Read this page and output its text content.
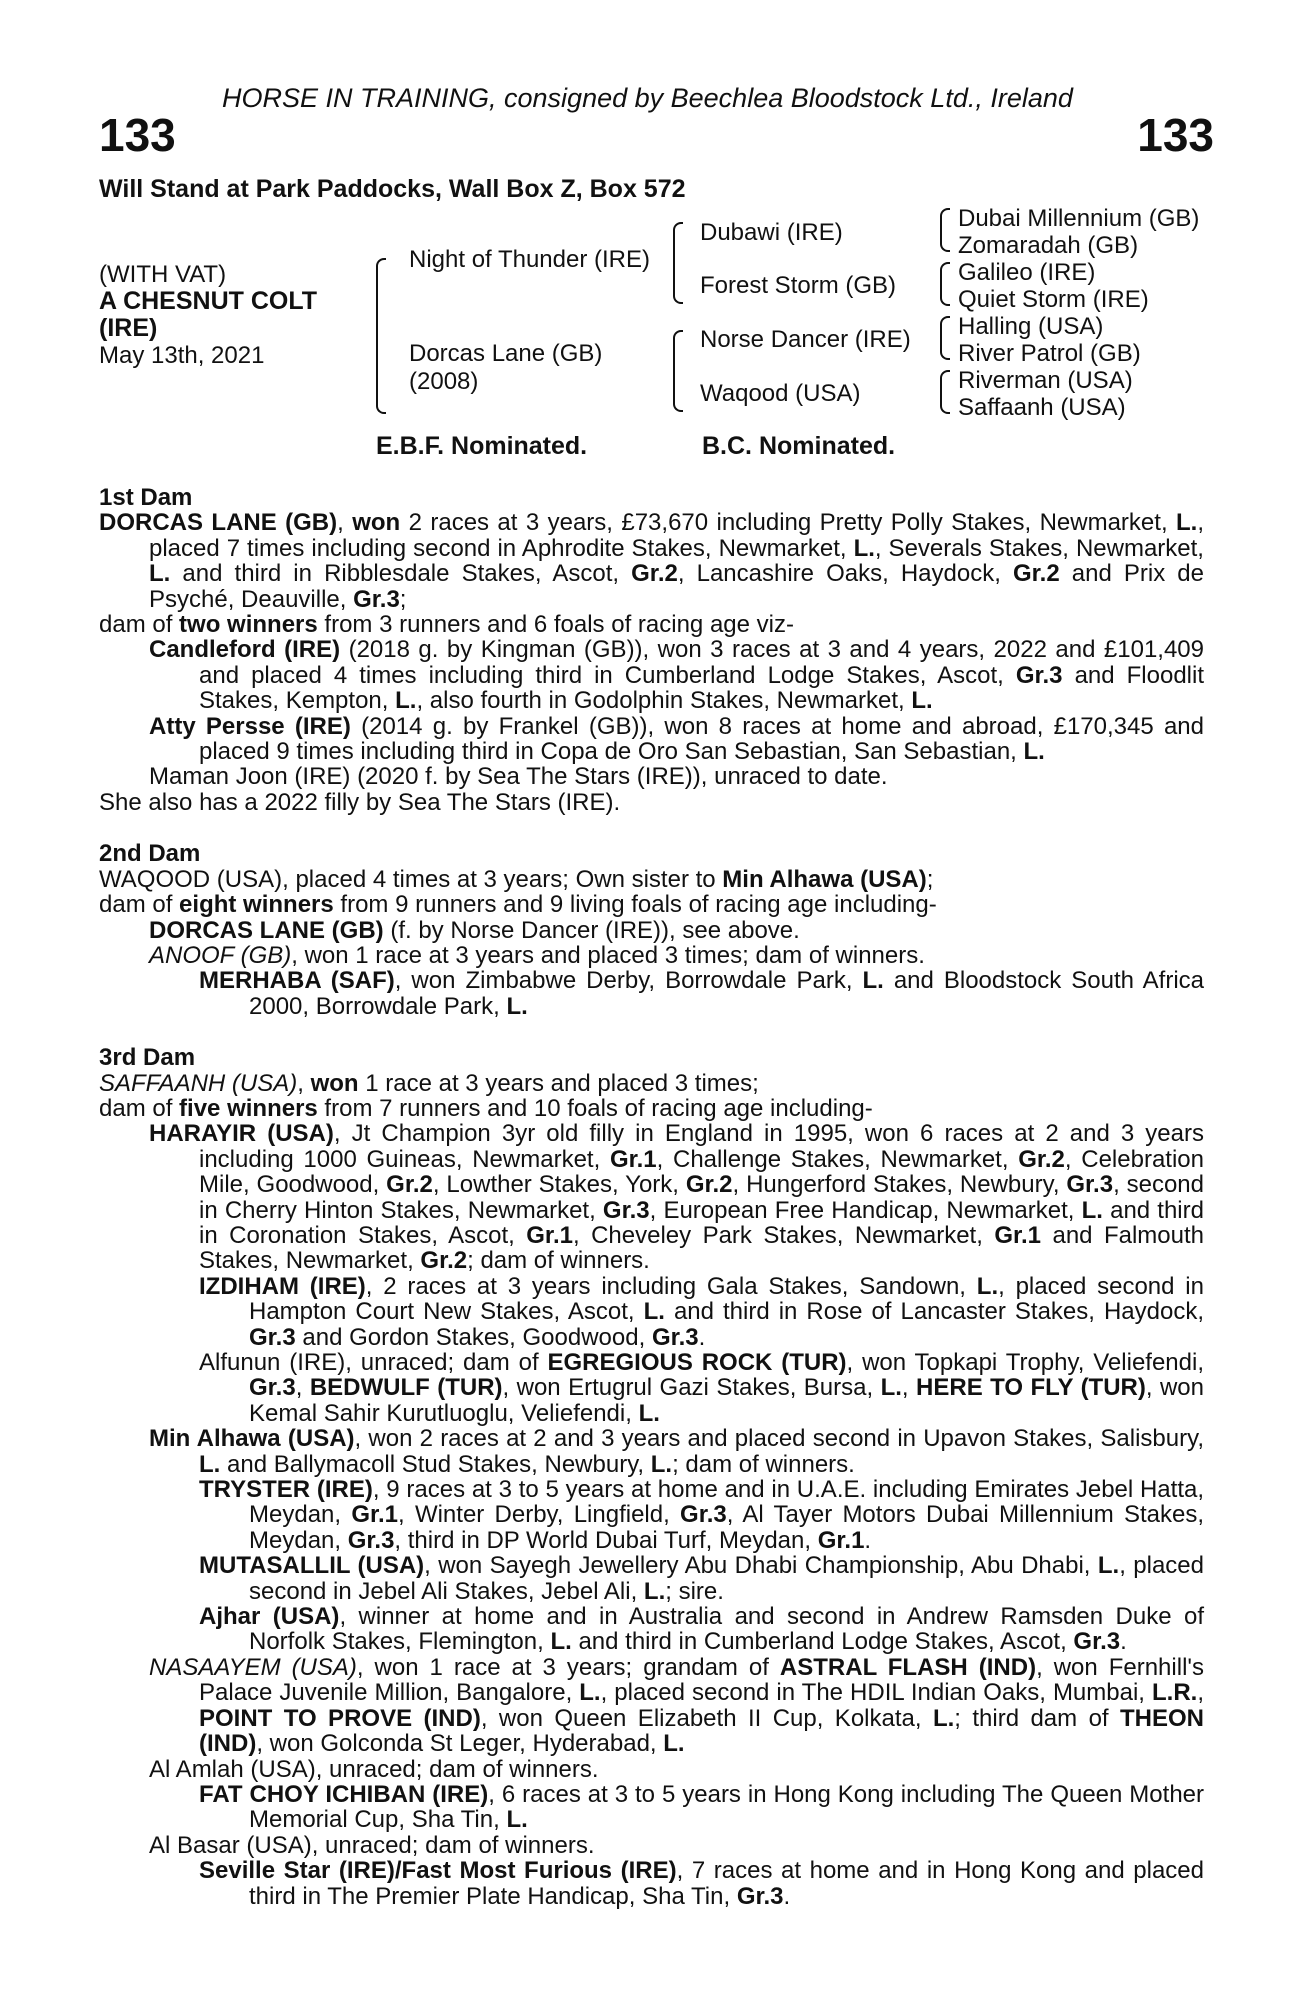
HORSE IN TRAINING, consigned by Beechlea Bloodstock Ltd., Ireland
133	133
Will Stand at Park Paddocks, Wall Box Z, Box 572
(WITH VAT)
A CHESNUT COLT
(IRE)
May 13th, 2021
Night of Thunder (IRE)
Dorcas Lane (GB)
(2008)
Dubawi (IRE)
Forest Storm (GB)
Norse Dancer (IRE)
Waqood (USA)
Dubai Millennium (GB)
Zomaradah (GB)
Galileo (IRE)
Quiet Storm (IRE)
Halling (USA)
River Patrol (GB)
Riverman (USA)
Saffaanh (USA)
E.B.F. Nominated.	B.C. Nominated.

1st Dam

DORCAS LANE (GB), won 2 races at 3 years, £73,670 including Pretty Polly Stakes, Newmarket, L., placed 7 times including second in Aphrodite Stakes, Newmarket, L., Severals Stakes, Newmarket, L. and third in Ribblesdale Stakes, Ascot, Gr.2, Lancashire Oaks, Haydock, Gr.2 and Prix de Psyché, Deauville, Gr.3;

dam of two winners from 3 runners and 6 foals of racing age viz-

Candleford (IRE) (2018 g. by Kingman (GB)), won 3 races at 3 and 4 years, 2022 and £101,409 and placed 4 times including third in Cumberland Lodge Stakes, Ascot, Gr.3 and Floodlit Stakes, Kempton, L., also fourth in Godolphin Stakes, Newmarket, L.

Atty Persse (IRE) (2014 g. by Frankel (GB)), won 8 races at home and abroad, £170,345 and placed 9 times including third in Copa de Oro San Sebastian, San Sebastian, L.

Maman Joon (IRE) (2020 f. by Sea The Stars (IRE)), unraced to date.

She also has a 2022 filly by Sea The Stars (IRE).

2nd Dam

WAQOOD (USA), placed 4 times at 3 years; Own sister to Min Alhawa (USA);

dam of eight winners from 9 runners and 9 living foals of racing age including-

DORCAS LANE (GB) (f. by Norse Dancer (IRE)), see above.

ANOOF (GB), won 1 race at 3 years and placed 3 times; dam of winners.

MERHABA (SAF), won Zimbabwe Derby, Borrowdale Park, L. and Bloodstock South Africa 2000, Borrowdale Park, L.

3rd Dam

SAFFAANH (USA), won 1 race at 3 years and placed 3 times;

dam of five winners from 7 runners and 10 foals of racing age including-

HARAYIR (USA), Jt Champion 3yr old filly in England in 1995, won 6 races at 2 and 3 years including 1000 Guineas, Newmarket, Gr.1, Challenge Stakes, Newmarket, Gr.2, Celebration Mile, Goodwood, Gr.2, Lowther Stakes, York, Gr.2, Hungerford Stakes, Newbury, Gr.3, second in Cherry Hinton Stakes, Newmarket, Gr.3, European Free Handicap, Newmarket, L. and third in Coronation Stakes, Ascot, Gr.1, Cheveley Park Stakes, Newmarket, Gr.1 and Falmouth Stakes, Newmarket, Gr.2; dam of winners.

IZDIHAM (IRE), 2 races at 3 years including Gala Stakes, Sandown, L., placed second in Hampton Court New Stakes, Ascot, L. and third in Rose of Lancaster Stakes, Haydock, Gr.3 and Gordon Stakes, Goodwood, Gr.3.

Alfunun (IRE), unraced; dam of EGREGIOUS ROCK (TUR), won Topkapi Trophy, Veliefendi, Gr.3, BEDWULF (TUR), won Ertugrul Gazi Stakes, Bursa, L., HERE TO FLY (TUR), won Kemal Sahir Kurutluoglu, Veliefendi, L.

Min Alhawa (USA), won 2 races at 2 and 3 years and placed second in Upavon Stakes, Salisbury, L. and Ballymacoll Stud Stakes, Newbury, L.; dam of winners.

TRYSTER (IRE), 9 races at 3 to 5 years at home and in U.A.E. including Emirates Jebel Hatta, Meydan, Gr.1, Winter Derby, Lingfield, Gr.3, Al Tayer Motors Dubai Millennium Stakes, Meydan, Gr.3, third in DP World Dubai Turf, Meydan, Gr.1.

MUTASALLIL (USA), won Sayegh Jewellery Abu Dhabi Championship, Abu Dhabi, L., placed second in Jebel Ali Stakes, Jebel Ali, L.; sire.

Ajhar (USA), winner at home and in Australia and second in Andrew Ramsden Duke of Norfolk Stakes, Flemington, L. and third in Cumberland Lodge Stakes, Ascot, Gr.3.

NASAAYEM (USA), won 1 race at 3 years; grandam of ASTRAL FLASH (IND), won Fernhill's Palace Juvenile Million, Bangalore, L., placed second in The HDIL Indian Oaks, Mumbai, L.R., POINT TO PROVE (IND), won Queen Elizabeth II Cup, Kolkata, L.; third dam of THEON (IND), won Golconda St Leger, Hyderabad, L.

Al Amlah (USA), unraced; dam of winners.

FAT CHOY ICHIBAN (IRE), 6 races at 3 to 5 years in Hong Kong including The Queen Mother Memorial Cup, Sha Tin, L.

Al Basar (USA), unraced; dam of winners.

Seville Star (IRE)/Fast Most Furious (IRE), 7 races at home and in Hong Kong and placed third in The Premier Plate Handicap, Sha Tin, Gr.3.
